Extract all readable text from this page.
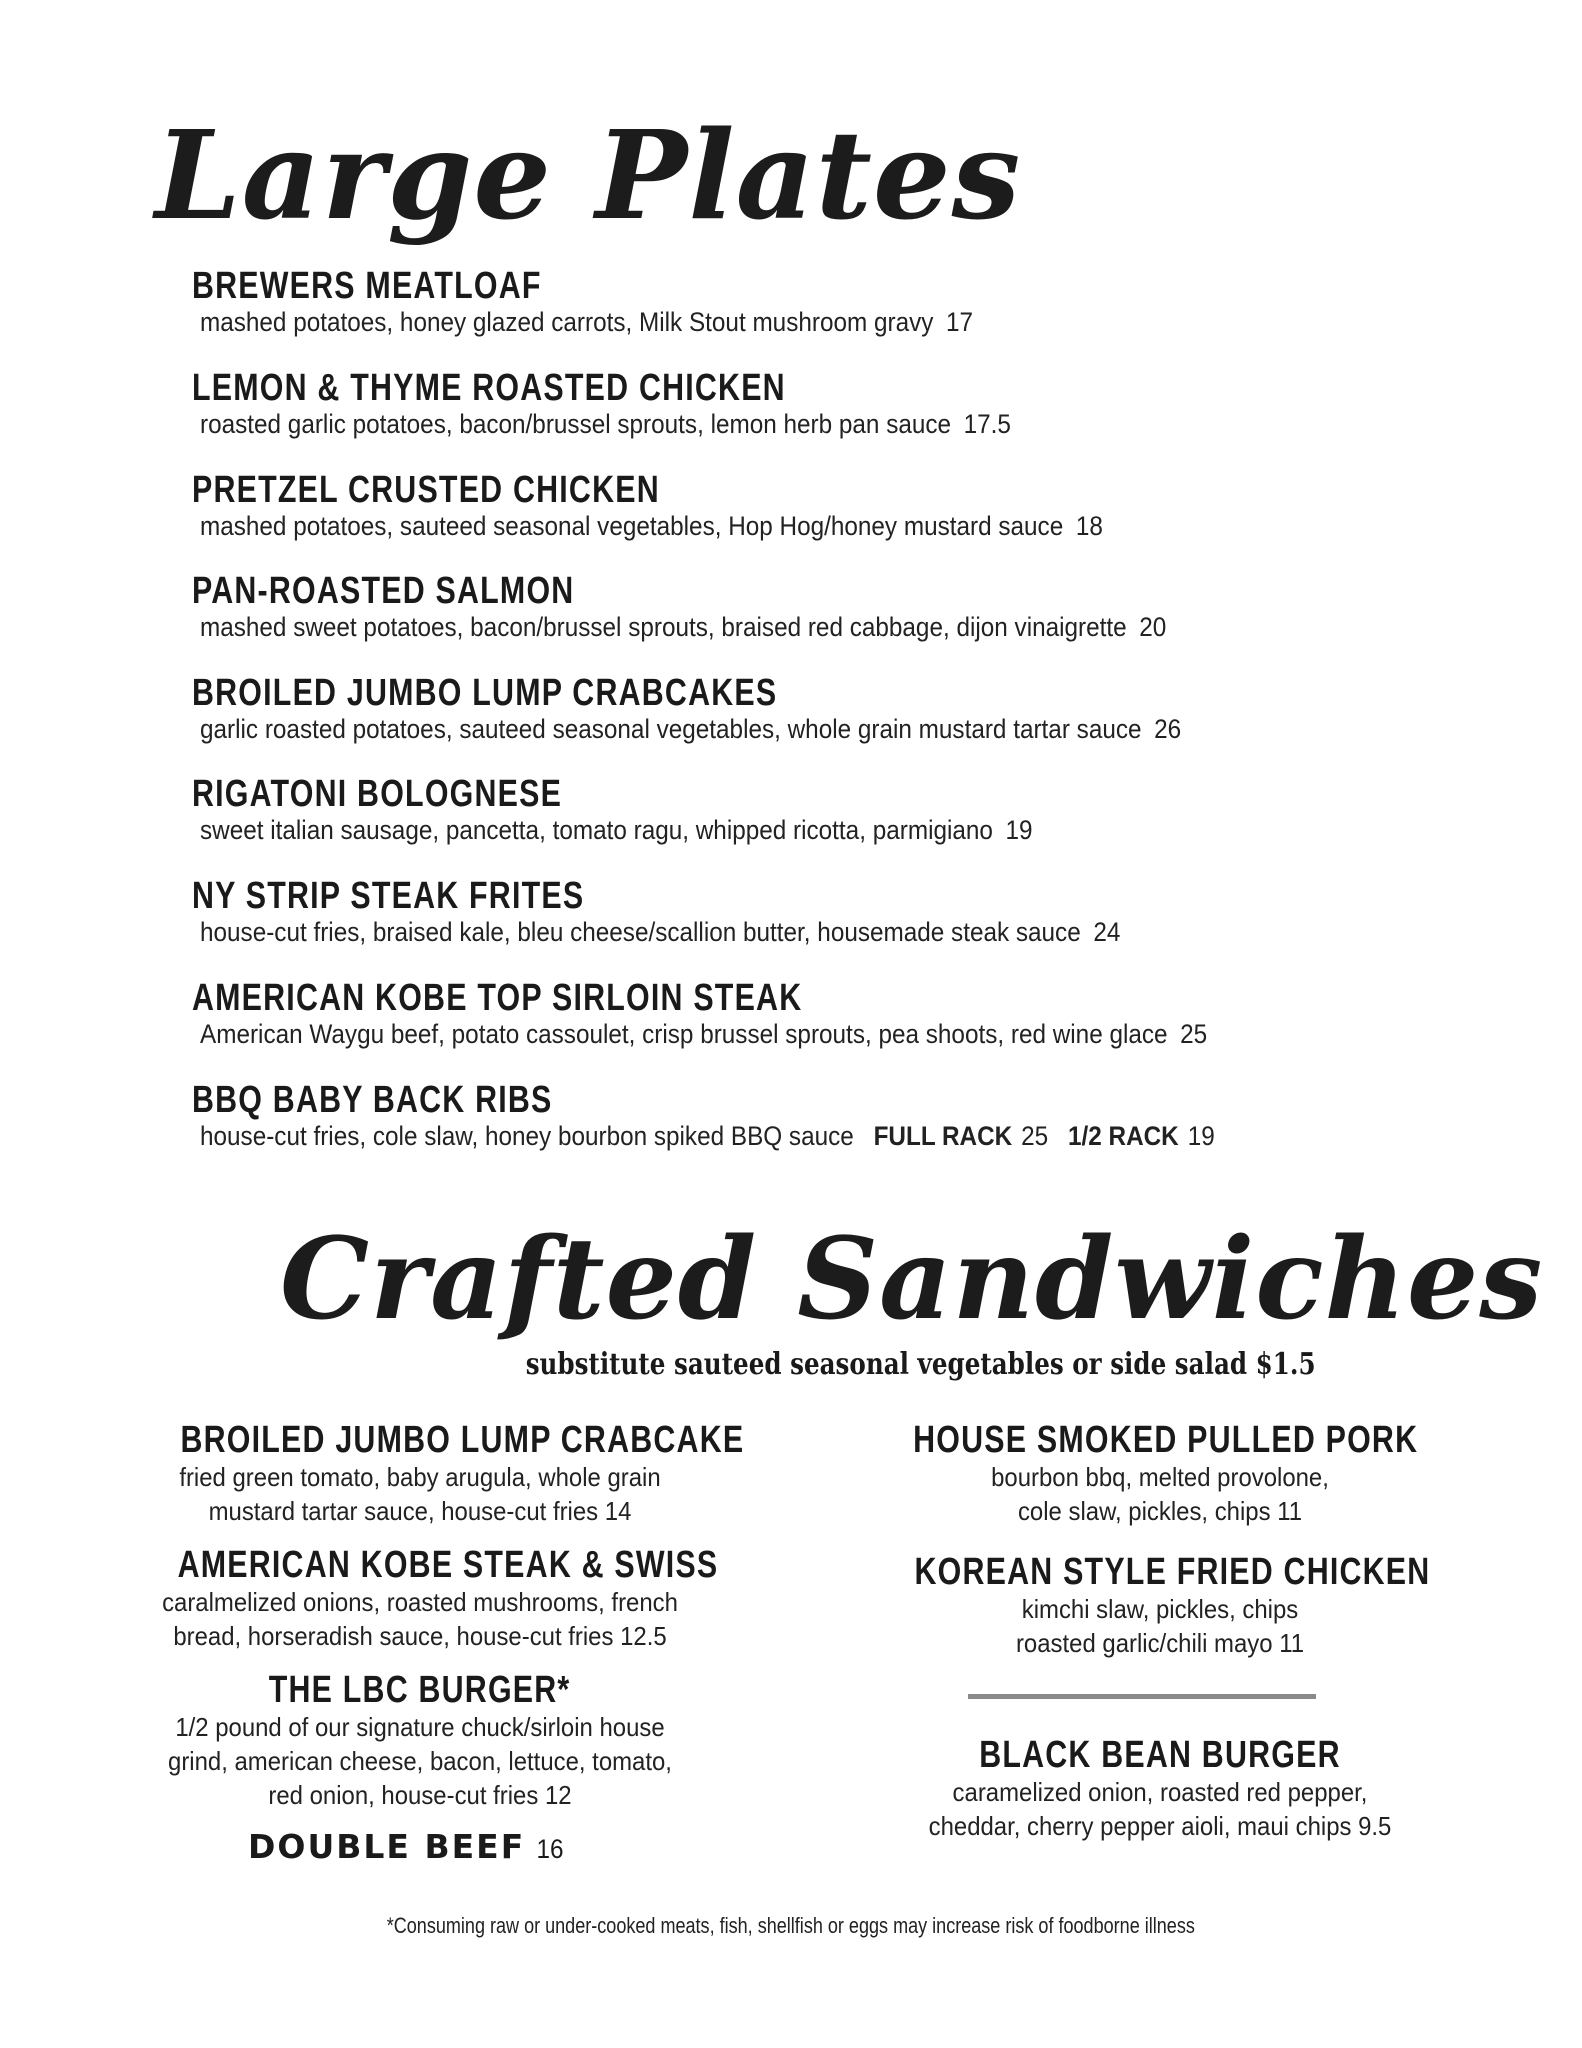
Large Plates
BREWERS MEATLOAF
mashed potatoes, honey glazed carrots, Milk Stout mushroom gravy 17
LEMON & THYME ROASTED CHICKEN
roasted garlic potatoes, bacon/brussel sprouts, lemon herb pan sauce 17.5
PRETZEL CRUSTED CHICKEN
mashed potatoes, sauteed seasonal vegetables, Hop Hog/honey mustard sauce 18
PAN-ROASTED SALMON
mashed sweet potatoes, bacon/brussel sprouts, braised red cabbage, dijon vinaigrette 20
BROILED JUMBO LUMP CRABCAKES
garlic roasted potatoes, sauteed seasonal vegetables, whole grain mustard tartar sauce 26
RIGATONI BOLOGNESE
sweet italian sausage, pancetta, tomato ragu, whipped ricotta, parmigiano 19
NY STRIP STEAK FRITES
house-cut fries, braised kale, bleu cheese/scallion butter, housemade steak sauce 24
AMERICAN KOBE TOP SIRLOIN STEAK
American Waygu beef, potato cassoulet, crisp brussel sprouts, pea shoots, red wine glace 25
BBQ BABY BACK RIBS
house-cut fries, cole slaw, honey bourbon spiked BBQ sauce FULL RACK 25 1/2 RACK 19
Crafted Sandwiches
substitute sauteed seasonal vegetables or side salad $1.5
BROILED JUMBO LUMP CRABCAKE
fried green tomato, baby arugula, whole grain
mustard tartar sauce, house-cut fries 14
AMERICAN KOBE STEAK & SWISS
caralmelized onions, roasted mushrooms, french
bread, horseradish sauce, house-cut fries 12.5
THE LBC BURGER*
1/2 pound of our signature chuck/sirloin house
grind, american cheese, bacon, lettuce, tomato,
red onion, house-cut fries 12
DOUBLE BEEF 16
HOUSE SMOKED PULLED PORK
bourbon bbq, melted provolone,
cole slaw, pickles, chips 11
KOREAN STYLE FRIED CHICKEN
kimchi slaw, pickles, chips
roasted garlic/chili mayo 11
BLACK BEAN BURGER
caramelized onion, roasted red pepper,
cheddar, cherry pepper aioli, maui chips 9.5
*Consuming raw or under-cooked meats, fish, shellfish or eggs may increase risk of foodborne illness
